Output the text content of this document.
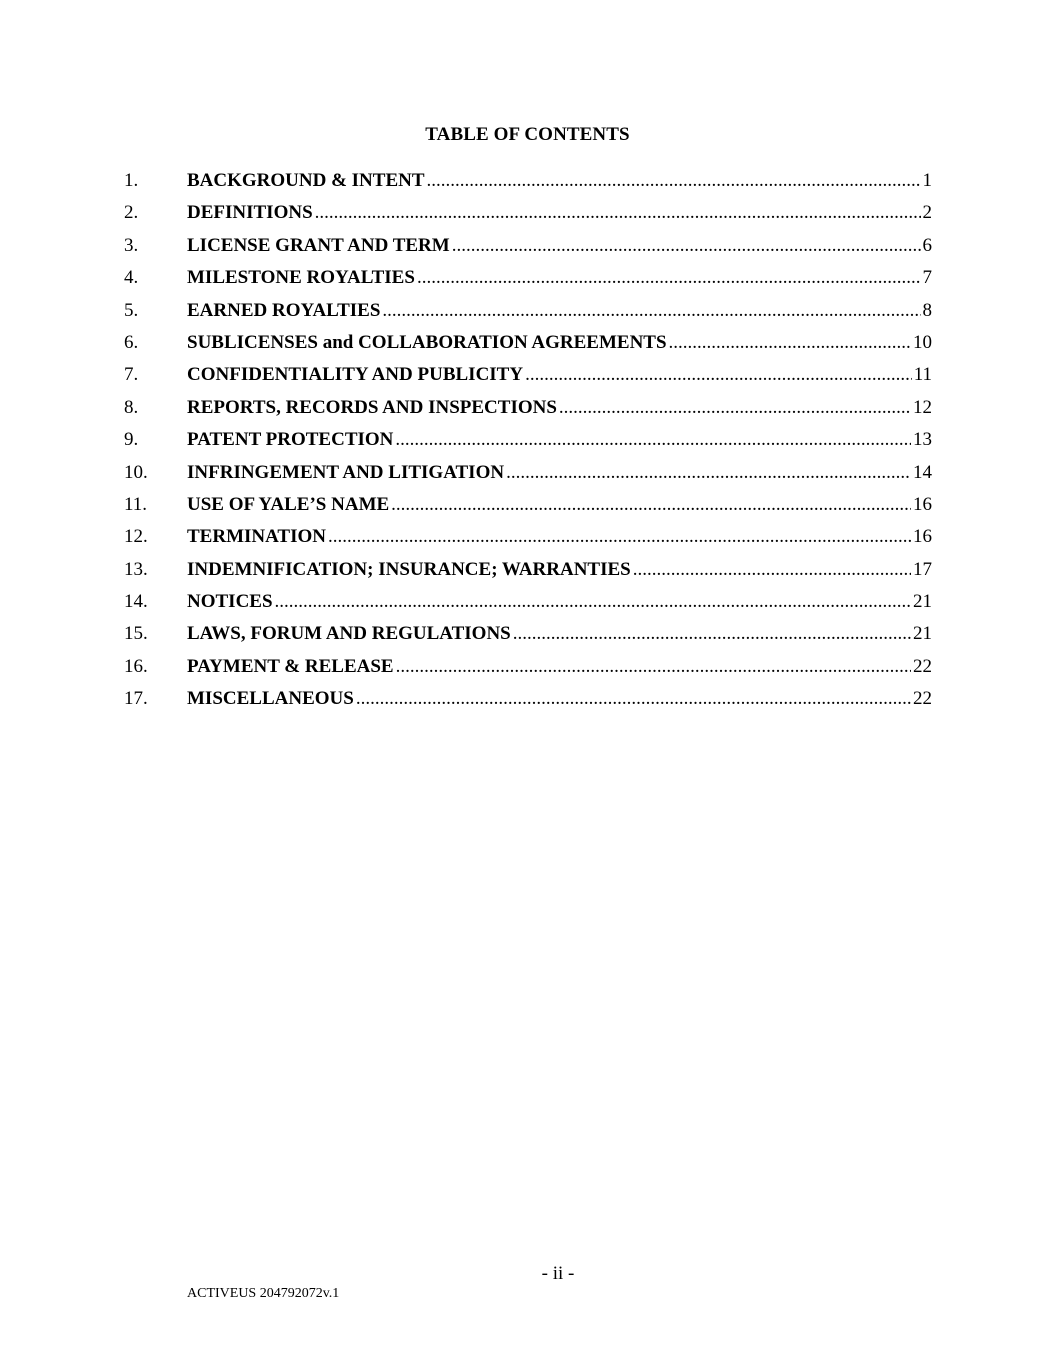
TABLE OF CONTENTS
1.	BACKGROUND & INTENT .....	1
2.	DEFINITIONS .....	2
3.	LICENSE GRANT AND TERM .....	6
4.	MILESTONE ROYALTIES .....	7
5.	EARNED ROYALTIES .....	8
6.	SUBLICENSES and COLLABORATION AGREEMENTS .....	10
7.	CONFIDENTIALITY AND PUBLICITY .....	11
8.	REPORTS, RECORDS AND INSPECTIONS .....	12
9.	PATENT PROTECTION .....	13
10.	INFRINGEMENT AND LITIGATION .....	14
11.	USE OF YALE’S NAME .....	16
12.	TERMINATION .....	16
13.	INDEMNIFICATION; INSURANCE; WARRANTIES .....	17
14.	NOTICES .....	21
15.	LAWS, FORUM AND REGULATIONS .....	21
16.	PAYMENT & RELEASE .....	22
17.	MISCELLANEOUS .....	22
- ii -
ACTIVEUS 204792072v.1
